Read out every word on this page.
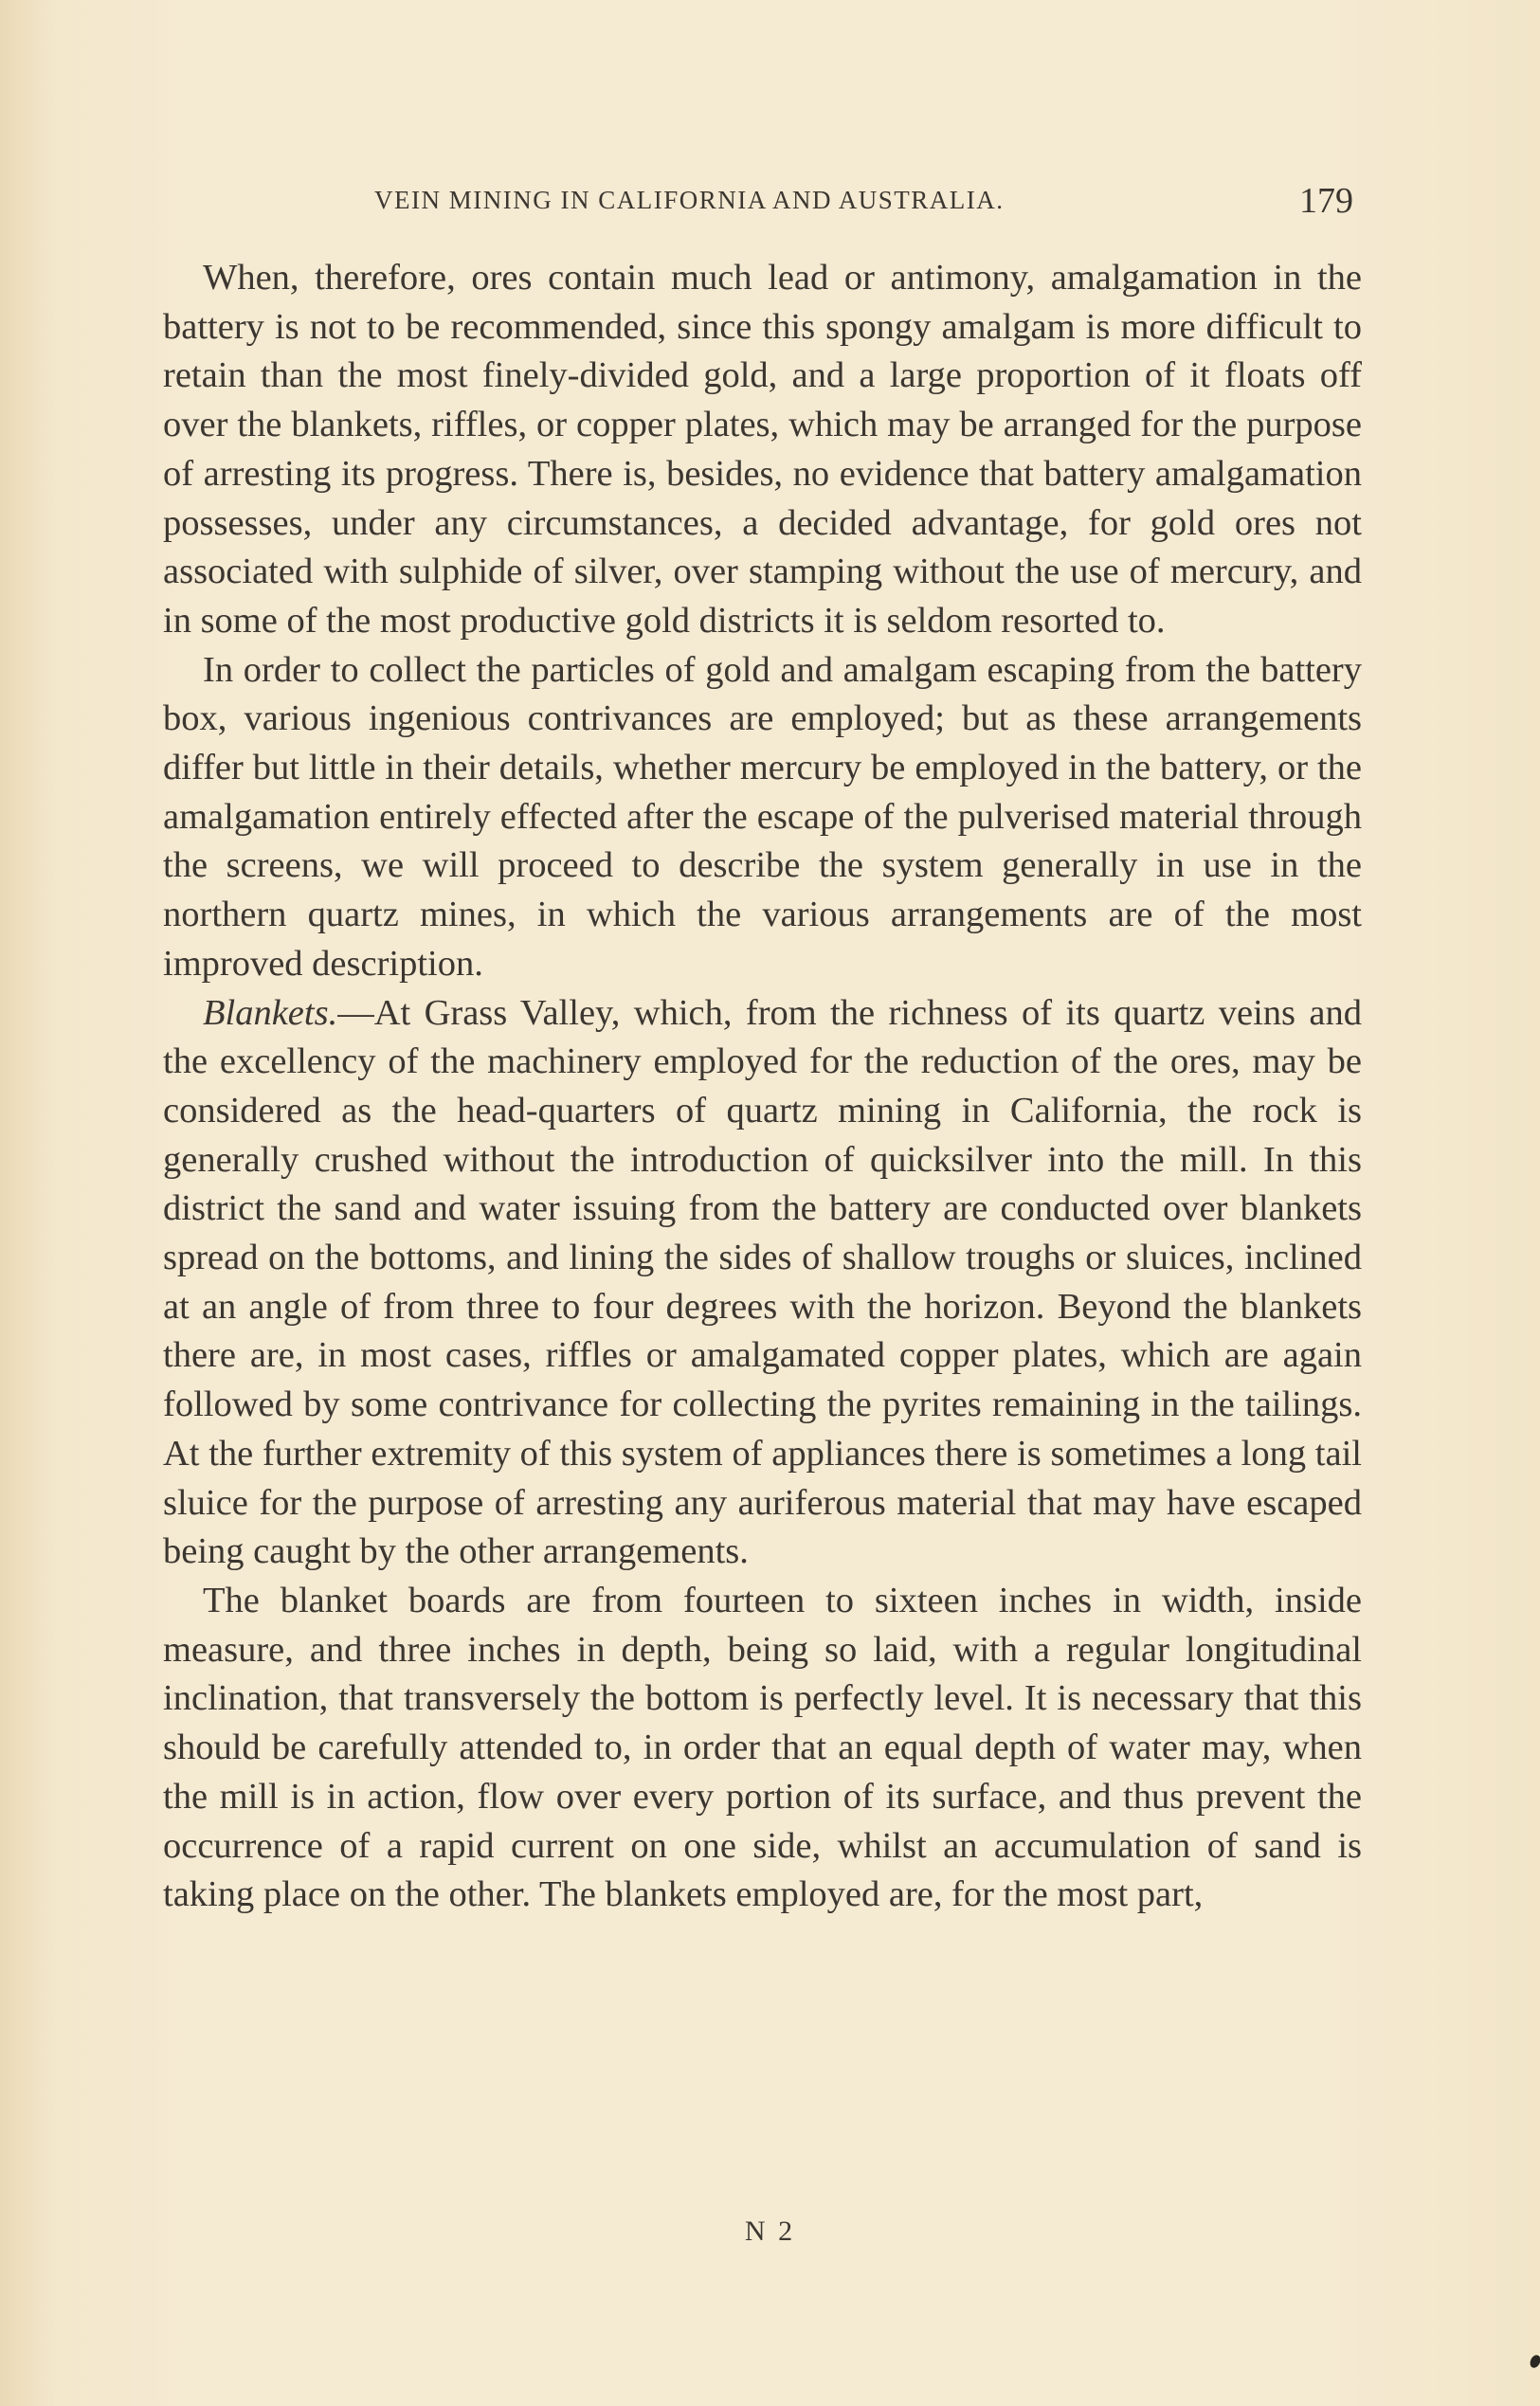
VEIN MINING IN CALIFORNIA AND AUSTRALIA.	179

When, therefore, ores contain much lead or antimony, amalgamation in the battery is not to be recommended, since this spongy amalgam is more difficult to retain than the most finely-divided gold, and a large proportion of it floats off over the blankets, riffles, or copper plates, which may be arranged for the purpose of arresting its progress. There is, besides, no evidence that battery amalgamation possesses, under any circumstances, a decided advantage, for gold ores not associated with sulphide of silver, over stamping without the use of mercury, and in some of the most productive gold districts it is seldom resorted to.

In order to collect the particles of gold and amalgam escaping from the battery box, various ingenious contrivances are employed; but as these arrangements differ but little in their details, whether mercury be employed in the battery, or the amalgamation entirely effected after the escape of the pulverised material through the screens, we will proceed to describe the system generally in use in the northern quartz mines, in which the various arrangements are of the most improved description.

Blankets.—At Grass Valley, which, from the richness of its quartz veins and the excellency of the machinery employed for the reduction of the ores, may be considered as the head-quarters of quartz mining in California, the rock is generally crushed without the introduction of quicksilver into the mill. In this district the sand and water issuing from the battery are conducted over blankets spread on the bottoms, and lining the sides of shallow troughs or sluices, inclined at an angle of from three to four degrees with the horizon. Beyond the blankets there are, in most cases, riffles or amalgamated copper plates, which are again followed by some contrivance for collecting the pyrites remaining in the tailings. At the further extremity of this system of appliances there is sometimes a long tail sluice for the purpose of arresting any auriferous material that may have escaped being caught by the other arrangements.

The blanket boards are from fourteen to sixteen inches in width, inside measure, and three inches in depth, being so laid, with a regular longitudinal inclination, that transversely the bottom is perfectly level. It is necessary that this should be carefully attended to, in order that an equal depth of water may, when the mill is in action, flow over every portion of its surface, and thus prevent the occurrence of a rapid current on one side, whilst an accumulation of sand is taking place on the other. The blankets employed are, for the most part,

N 2
